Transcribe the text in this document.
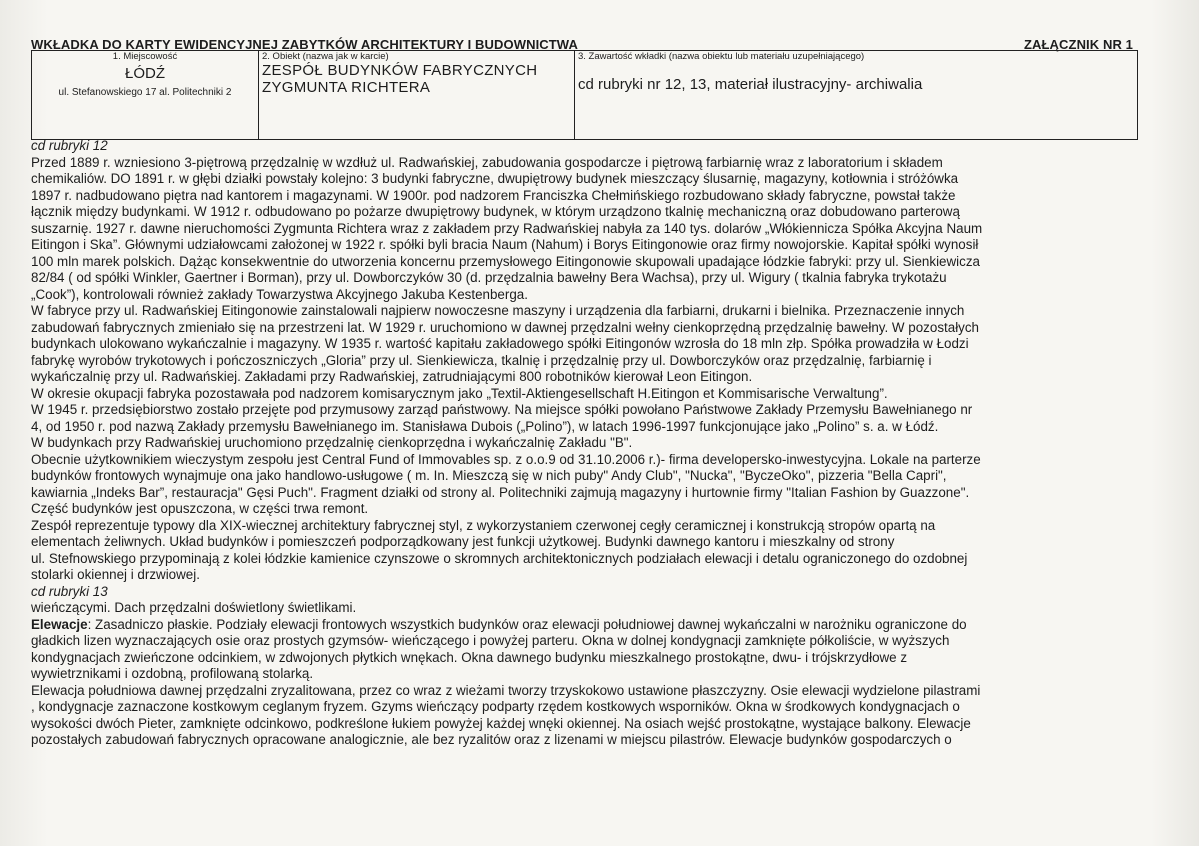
WKŁADKA DO KARTY EWIDENCYJNEJ ZABYTKÓW ARCHITEKTURY I BUDOWNICTWA	ZAŁĄCZNIK NR 1
1. Miejscowość
ŁÓDŹ
ul. Stefanowskiego 17 al. Politechniki 2

2. Obiekt (nazwa jak w karcie)
ZESPÓŁ BUDYNKÓW FABRYCZNYCH
ZYGMUNTA RICHTERA

3. Zawartość wkładki (nazwa obiektu lub materiału uzupełniającego)
cd rubryki nr 12, 13, materiał ilustracyjny- archiwalia

cd rubryki 12

Przed 1889 r. wzniesiono 3-piętrową przędzalnię w wzdłuż ul. Radwańskiej, zabudowania gospodarcze i piętrową farbiarnię wraz z laboratorium i składem

chemikaliów. DO 1891 r. w głębi działki powstały kolejno: 3 budynki fabryczne, dwupiętrowy budynek mieszczący ślusarnię, magazyny, kotłownia i stróżówka

1897 r. nadbudowano piętra nad kantorem i magazynami. W 1900r. pod nadzorem Franciszka Chełmińskiego rozbudowano składy fabryczne, powstał także

łącznik między budynkami. W 1912 r. odbudowano po pożarze dwupiętrowy budynek, w którym urządzono tkalnię mechaniczną oraz dobudowano parterową

suszarnię. 1927 r. dawne nieruchomości Zygmunta Richtera wraz z zakładem przy Radwańskiej nabyła za 140 tys. dolarów „Włókiennicza Spółka Akcyjna Naum

Eitingon i Ska”. Głównymi udziałowcami założonej w 1922 r. spółki byli bracia Naum (Nahum) i Borys Eitingonowie oraz firmy nowojorskie. Kapitał spółki wynosił

100 mln marek polskich. Dążąc konsekwentnie do utworzenia koncernu przemysłowego Eitingonowie skupowali upadające łódzkie fabryki: przy ul. Sienkiewicza

82/84 ( od spółki Winkler, Gaertner i Borman), przy ul. Dowborczyków 30 (d. przędzalnia bawełny Bera Wachsa), przy ul. Wigury ( tkalnia fabryka trykotażu

„Cook”), kontrolowali również zakłady Towarzystwa Akcyjnego Jakuba Kestenberga.

W fabryce przy ul. Radwańskiej Eitingonowie zainstalowali najpierw nowoczesne maszyny i urządzenia dla farbiarni, drukarni i bielnika. Przeznaczenie innych

zabudowań fabrycznych zmieniało się na przestrzeni lat. W 1929 r. uruchomiono w dawnej przędzalni wełny cienkoprzędną przędzalnię bawełny. W pozostałych

budynkach ulokowano wykańczalnie i magazyny. W 1935 r. wartość kapitału zakładowego spółki Eitingonów wzrosła do 18 mln złp. Spółka prowadziła w Łodzi

fabrykę wyrobów trykotowych i pończoszniczych „Gloria” przy ul. Sienkiewicza, tkalnię i przędzalnię przy ul. Dowborczyków oraz przędzalnię, farbiarnię i

wykańczalnię przy ul. Radwańskiej. Zakładami przy Radwańskiej, zatrudniającymi 800 robotników kierował Leon Eitingon.

W okresie okupacji fabryka pozostawała pod nadzorem komisarycznym jako „Textil-Aktiengesellschaft H.Eitingon et Kommisarische Verwaltung”.

W 1945 r. przedsiębiorstwo zostało przejęte pod przymusowy zarząd państwowy. Na miejsce spółki powołano Państwowe Zakłady Przemysłu Bawełnianego nr

4, od 1950 r. pod nazwą Zakłady przemysłu Bawełnianego im. Stanisława Dubois („Polino”), w latach 1996-1997 funkcjonujące jako „Polino” s. a. w Łódź.

W budynkach przy Radwańskiej uruchomiono przędzalnię cienkoprzędna i wykańczalnię Zakładu "B".

Obecnie użytkownikiem wieczystym zespołu jest Central Fund of Immovables sp. z o.o.9 od 31.10.2006 r.)- firma developersko-inwestycyjna. Lokale na parterze

budynków frontowych wynajmuje ona jako handlowo-usługowe ( m. In. Mieszczą się w nich puby" Andy Club", "Nucka", "ByczeOko", pizzeria "Bella Capri",

kawiarnia „Indeks Bar”, restauracja" Gęsi Puch". Fragment działki od strony al. Politechniki zajmują magazyny i hurtownie firmy "Italian Fashion by Guazzone".

Część budynków jest opuszczona, w części trwa remont.

Zespół reprezentuje typowy dla XIX-wiecznej architektury fabrycznej styl, z wykorzystaniem czerwonej cegły ceramicznej i konstrukcją stropów opartą na

elementach żeliwnych. Układ budynków i pomieszczeń podporządkowany jest funkcji użytkowej. Budynki dawnego kantoru i mieszkalny od strony

ul. Stefnowskiego przypominają z kolei łódzkie kamienice czynszowe o skromnych architektonicznych podziałach elewacji i detalu ograniczonego do ozdobnej

stolarki okiennej i drzwiowej.

cd rubryki 13

wieńczącymi. Dach przędzalni doświetlony świetlikami.

Elewacje: Zasadniczo płaskie. Podziały elewacji frontowych wszystkich budynków oraz elewacji południowej dawnej wykańczalni w narożniku ograniczone do

gładkich lizen wyznaczających osie oraz prostych gzymsów- wieńczącego i powyżej parteru. Okna w dolnej kondygnacji zamknięte półkoliście, w wyższych

kondygnacjach zwieńczone odcinkiem, w zdwojonych płytkich wnękach. Okna dawnego budynku mieszkalnego prostokątne, dwu- i trójskrzydłowe z

wywietrznikami i ozdobną, profilowaną stolarką.

Elewacja południowa dawnej przędzalni zryzalitowana, przez co wraz z wieżami tworzy trzyskokowo ustawione płaszczyzny. Osie elewacji wydzielone pilastrami

, kondygnacje zaznaczone kostkowym ceglanym fryzem. Gzyms wieńczący podparty rzędem kostkowych wsporników. Okna w środkowych kondygnacjach o

wysokości dwóch Pieter, zamknięte odcinkowo, podkreślone łukiem powyżej każdej wnęki okiennej. Na osiach wejść prostokątne, wystające balkony. Elewacje

pozostałych zabudowań fabrycznych opracowane analogicznie, ale bez ryzalitów oraz z lizenami w miejscu pilastrów. Elewacje budynków gospodarczych o
